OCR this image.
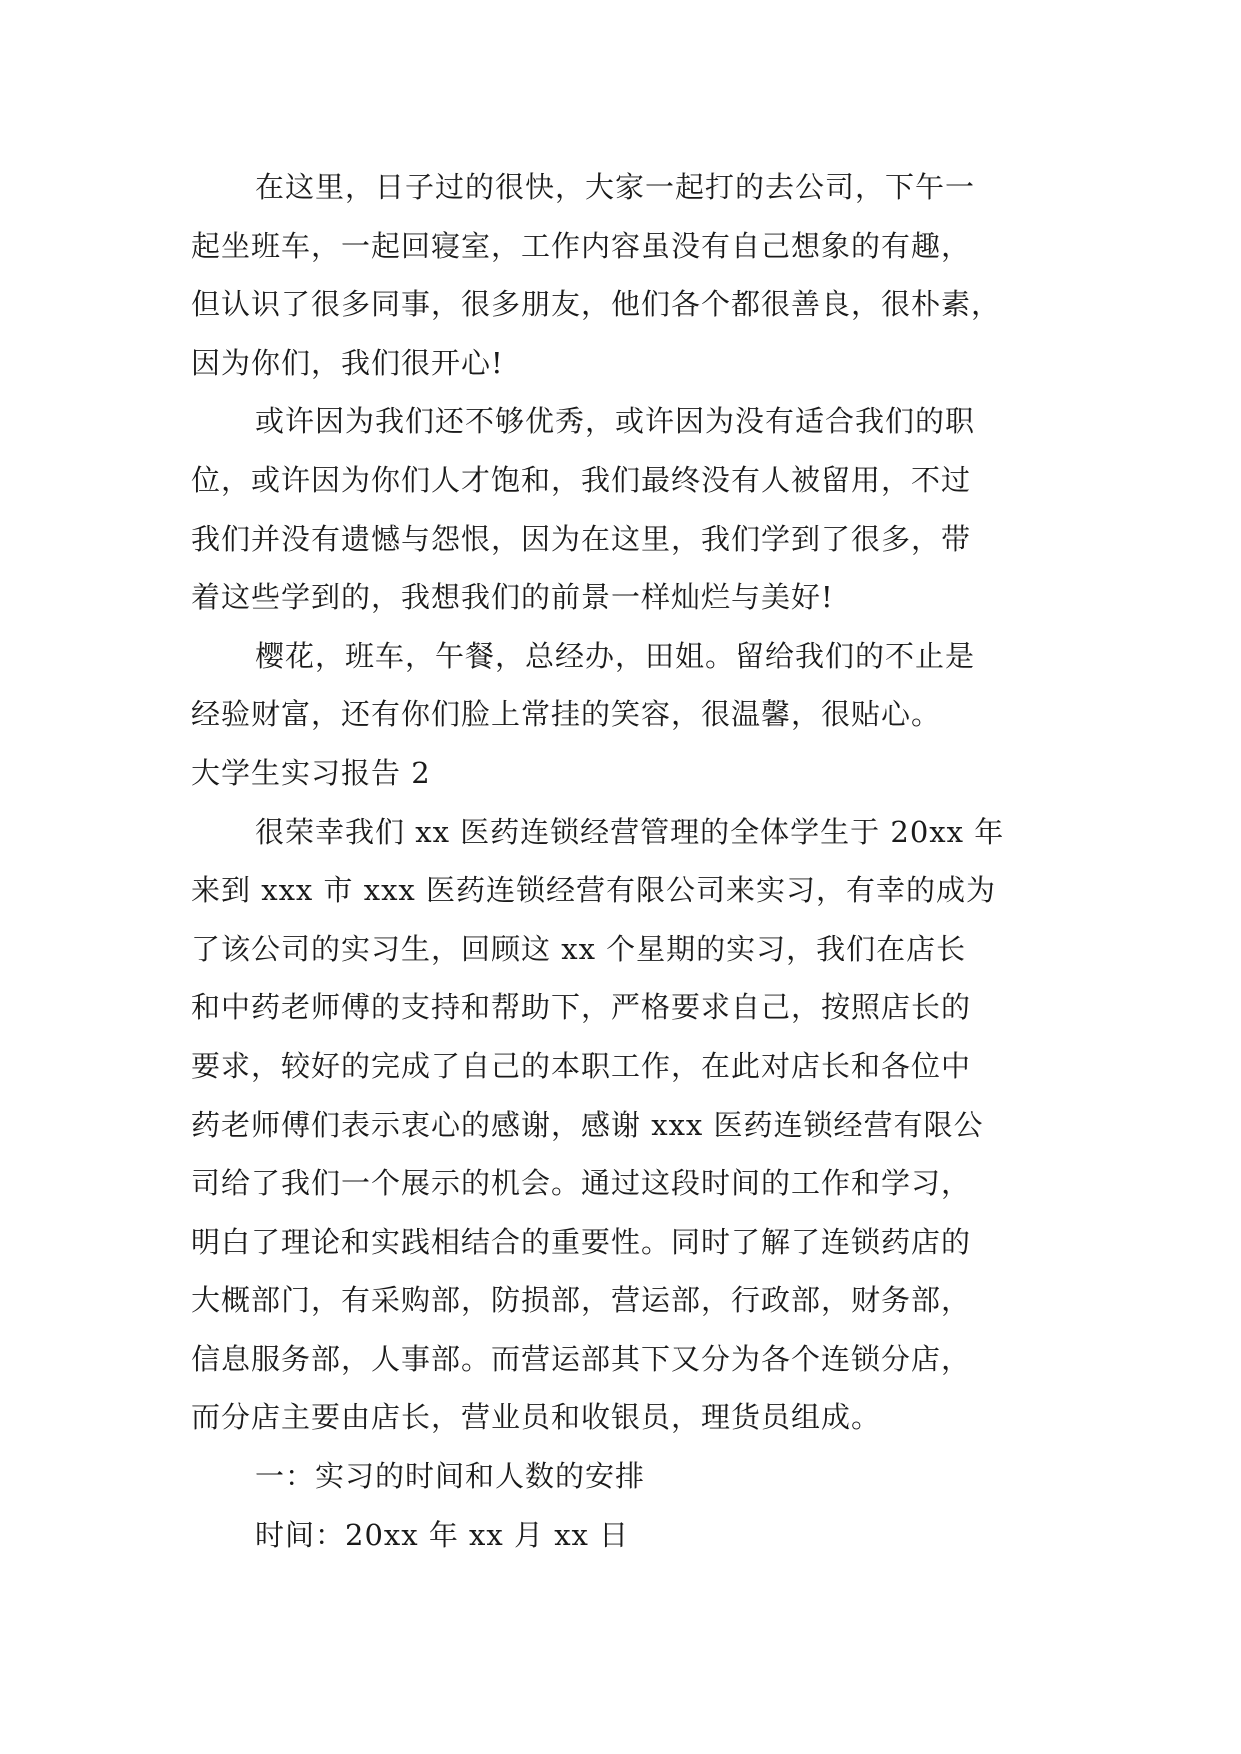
在这里，日子过的很快，大家一起打的去公司，下午一
起坐班车，一起回寝室，工作内容虽没有自己想象的有趣，
但认识了很多同事，很多朋友，他们各个都很善良，很朴素，
因为你们，我们很开心!

或许因为我们还不够优秀，或许因为没有适合我们的职
位，或许因为你们人才饱和，我们最终没有人被留用，不过
我们并没有遗憾与怨恨，因为在这里，我们学到了很多，带
着这些学到的，我想我们的前景一样灿烂与美好!

樱花，班车，午餐，总经办，田姐。留给我们的不止是
经验财富，还有你们脸上常挂的笑容，很温馨，很贴心。

大学生实习报告 2

很荣幸我们 xx 医药连锁经营管理的全体学生于 20xx 年
来到 xxx 市 xxx 医药连锁经营有限公司来实习，有幸的成为
了该公司的实习生，回顾这 xx 个星期的实习，我们在店长
和中药老师傅的支持和帮助下，严格要求自己，按照店长的
要求，较好的完成了自己的本职工作，在此对店长和各位中
药老师傅们表示衷心的感谢，感谢 xxx 医药连锁经营有限公
司给了我们一个展示的机会。通过这段时间的工作和学习，
明白了理论和实践相结合的重要性。同时了解了连锁药店的
大概部门，有采购部，防损部，营运部，行政部，财务部，
信息服务部，人事部。而营运部其下又分为各个连锁分店，
而分店主要由店长，营业员和收银员，理货员组成。

一：实习的时间和人数的安排

时间：20xx 年 xx 月 xx 日
